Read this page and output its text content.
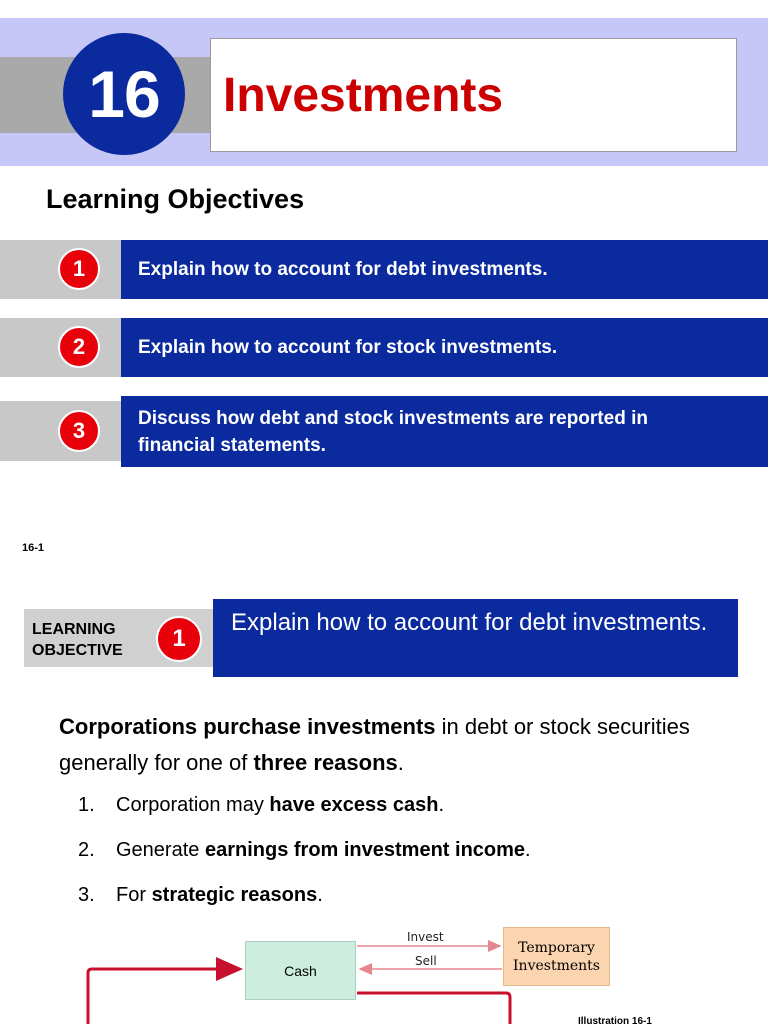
16	Investments
Learning Objectives
Explain how to account for debt investments.
1
Explain how to account for stock investments.
2
Discuss how debt and stock investments are reported in financial statements.
3
16-1
LEARNING
OBJECTIVE	1
Explain how to account for debt investments.
Corporations purchase investments in debt or stock securities generally for one of three reasons.
1.	Corporation may have excess cash.
2.	Generate earnings from investment income.
3.	For strategic reasons.
Cash
Temporary
Investments
Invest
Sell
Illustration 16-1
